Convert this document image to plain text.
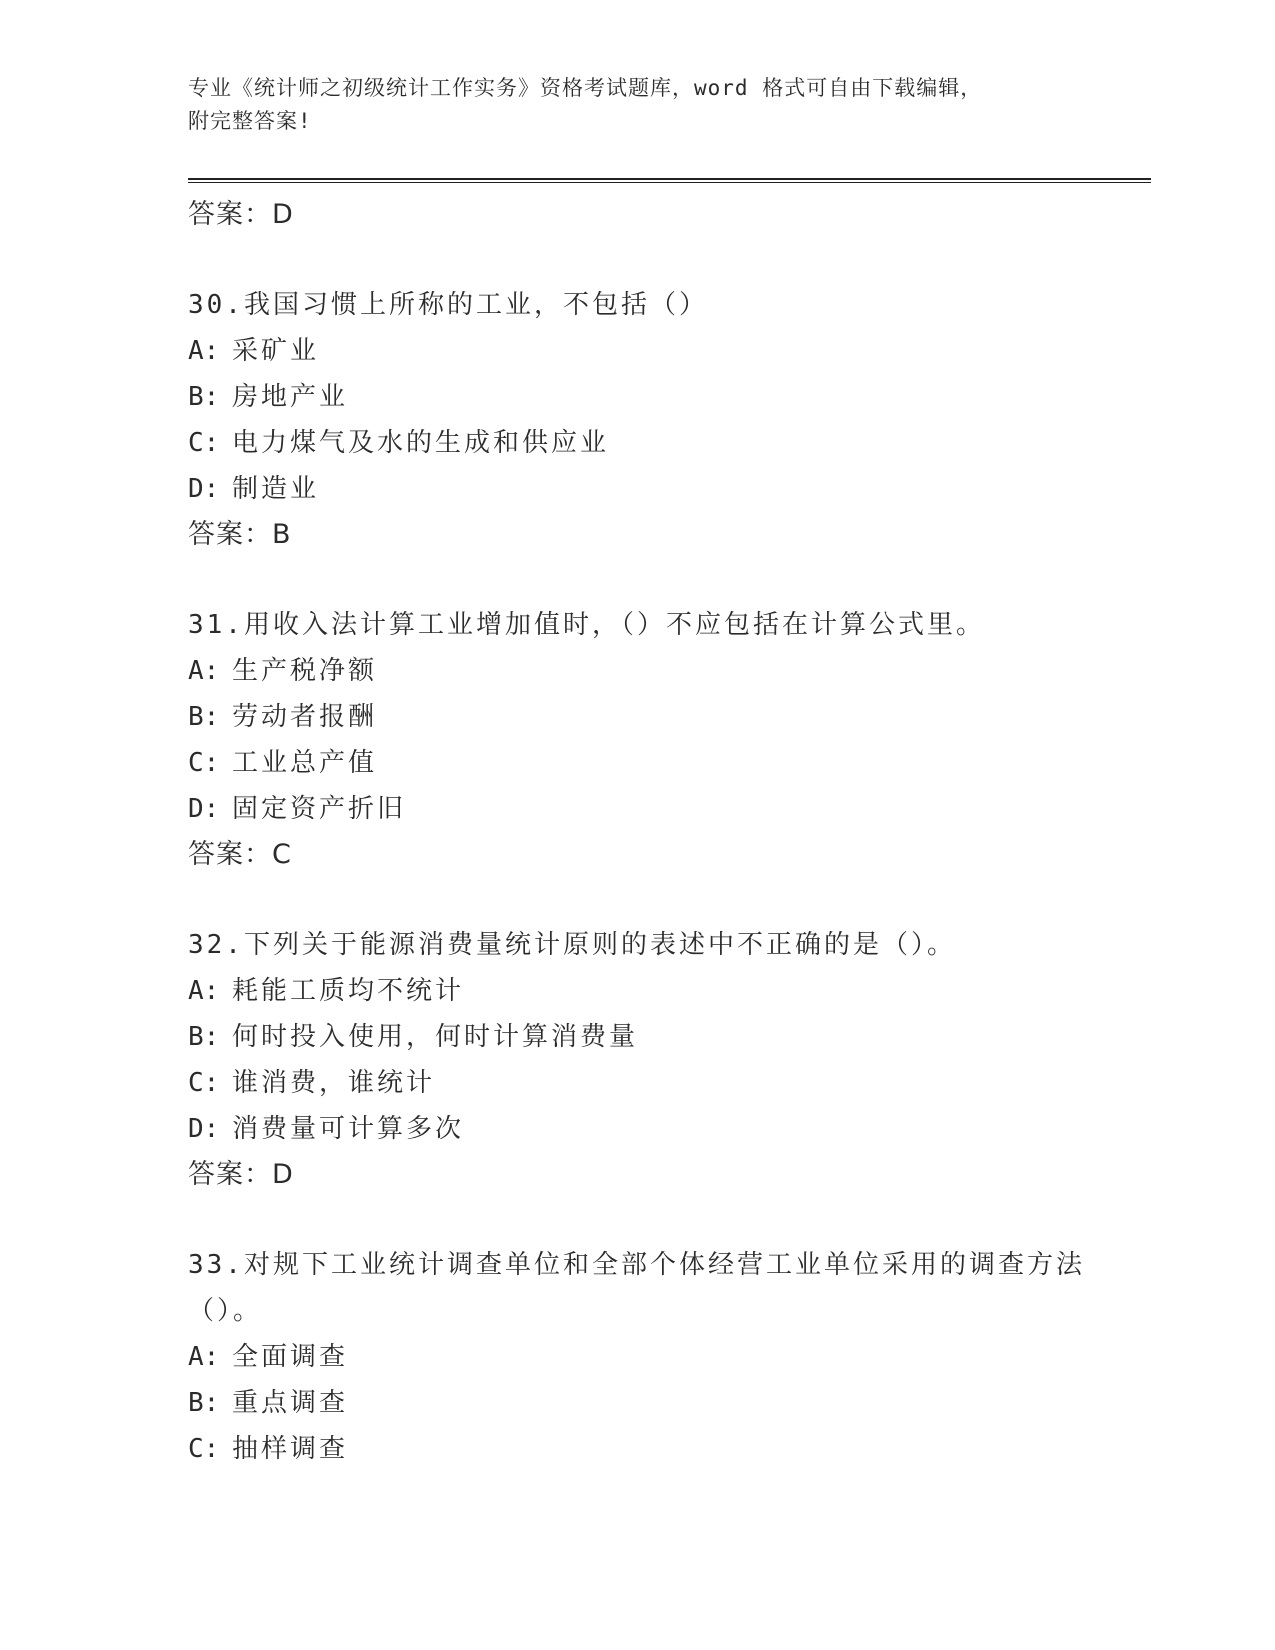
专业《统计师之初级统计工作实务》资格考试题库，word 格式可自由下载编辑，
附完整答案!
答案：D
30.我国习惯上所称的工业，不包括（）
A: 采矿业
B: 房地产业
C: 电力煤气及水的生成和供应业
D: 制造业
答案：B
31.用收入法计算工业增加值时，（）不应包括在计算公式里。
A: 生产税净额
B: 劳动者报酬
C: 工业总产值
D: 固定资产折旧
答案：C
32.下列关于能源消费量统计原则的表述中不正确的是（）。
A: 耗能工质均不统计
B: 何时投入使用，何时计算消费量
C: 谁消费，谁统计
D: 消费量可计算多次
答案：D
33.对规下工业统计调查单位和全部个体经营工业单位采用的调查方法
（）。
A: 全面调查
B: 重点调查
C: 抽样调查
